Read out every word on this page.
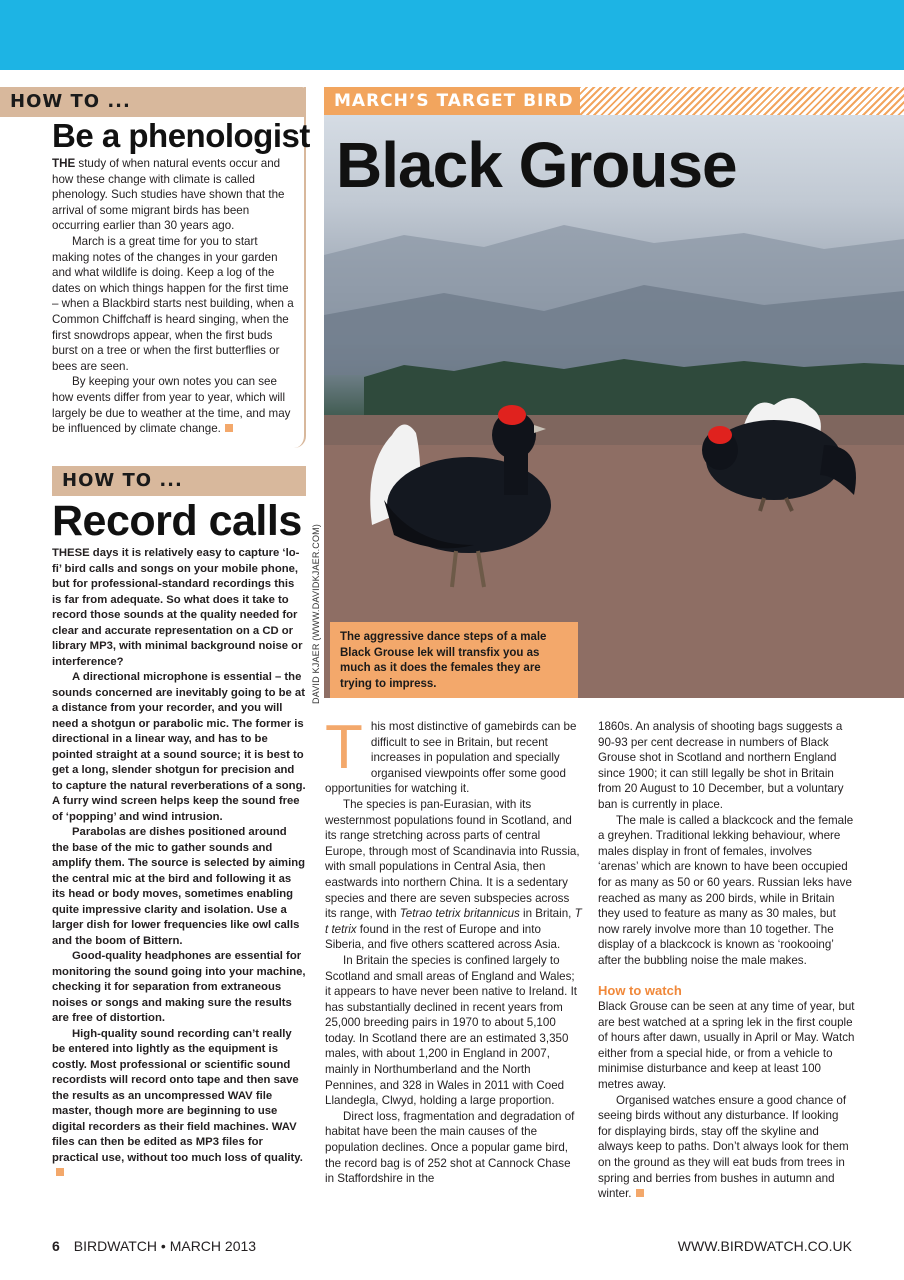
HOW TO ...
Be a phenologist

THE study of when natural events occur and how these change with climate is called phenology. Such studies have shown that the arrival of some migrant birds has been occurring earlier than 30 years ago.

March is a great time for you to start making notes of the changes in your garden and what wildlife is doing. Keep a log of the dates on which things happen for the first time – when a Blackbird starts nest building, when a Common Chiffchaff is heard singing, when the first snowdrops appear, when the first buds burst on a tree or when the first butterflies or bees are seen.

By keeping your own notes you can see how events differ from year to year, which will largely be due to weather at the time, and may be influenced by climate change.

HOW TO ...
Record calls

THESE days it is relatively easy to capture ‘lo-fi’ bird calls and songs on your mobile phone, but for professional-standard recordings this is far from adequate. So what does it take to record those sounds at the quality needed for clear and accurate representation on a CD or library MP3, with minimal background noise or interference?

A directional microphone is essential – the sounds concerned are inevitably going to be at a distance from your recorder, and you will need a shotgun or parabolic mic. The former is directional in a linear way, and has to be pointed straight at a sound source; it is best to get a long, slender shotgun for precision and to capture the natural reverberations of a song. A furry wind screen helps keep the sound free of ‘popping’ and wind intrusion.

Parabolas are dishes positioned around the base of the mic to gather sounds and amplify them. The source is selected by aiming the central mic at the bird and following it as its head or body moves, sometimes enabling quite impressive clarity and isolation. Use a larger dish for lower frequencies like owl calls and the boom of Bittern.

Good-quality headphones are essential for monitoring the sound going into your machine, checking it for separation from extraneous noises or songs and making sure the results are free of distortion.

High-quality sound recording can’t really be entered into lightly as the equipment is costly. Most professional or scientific sound recordists will record onto tape and then save the results as an uncompressed WAV file master, though more are beginning to use digital recorders as their field machines. WAV files can then be edited as MP3 files for practical use, without too much loss of quality.

MARCH’S TARGET BIRD
Black Grouse
The aggressive dance steps of a male Black Grouse lek will transfix you as much as it does the females they are trying to impress.
DAVID KJAER (WWW.DAVIDKJAER.COM)

This most distinctive of gamebirds can be difficult to see in Britain, but recent increases in population and specially organised viewpoints offer some good opportunities for watching it.

The species is pan-Eurasian, with its westernmost populations found in Scotland, and its range stretching across parts of central Europe, through most of Scandinavia into Russia, with small populations in Central Asia, then eastwards into northern China. It is a sedentary species and there are seven subspecies across its range, with Tetrao tetrix britannicus in Britain, T t tetrix found in the rest of Europe and into Siberia, and five others scattered across Asia.

In Britain the species is confined largely to Scotland and small areas of England and Wales; it appears to have never been native to Ireland. It has substantially declined in recent years from 25,000 breeding pairs in 1970 to about 5,100 today. In Scotland there are an estimated 3,350 males, with about 1,200 in England in 2007, mainly in Northumberland and the North Pennines, and 328 in Wales in 2011 with Coed Llandegla, Clwyd, holding a large proportion.

Direct loss, fragmentation and degradation of habitat have been the main causes of the population declines. Once a popular game bird, the record bag is of 252 shot at Cannock Chase in Staffordshire in the

1860s. An analysis of shooting bags suggests a 90-93 per cent decrease in numbers of Black Grouse shot in Scotland and northern England since 1900; it can still legally be shot in Britain from 20 August to 10 December, but a voluntary ban is currently in place.

The male is called a blackcock and the female a greyhen. Traditional lekking behaviour, where males display in front of females, involves ‘arenas’ which are known to have been occupied for as many as 50 or 60 years. Russian leks have reached as many as 200 birds, while in Britain they used to feature as many as 30 males, but now rarely involve more than 10 together. The display of a blackcock is known as ‘rookooing’ after the bubbling noise the male makes.

How to watch

Black Grouse can be seen at any time of year, but are best watched at a spring lek in the first couple of hours after dawn, usually in April or May. Watch either from a special hide, or from a vehicle to minimise disturbance and keep at least 100 metres away.

Organised watches ensure a good chance of seeing birds without any disturbance. If looking for displaying birds, stay off the skyline and always keep to paths. Don’t always look for them on the ground as they will eat buds from trees in spring and berries from bushes in autumn and winter.

6 BIRDWATCH • MARCH 2013	WWW.BIRDWATCH.CO.UK
